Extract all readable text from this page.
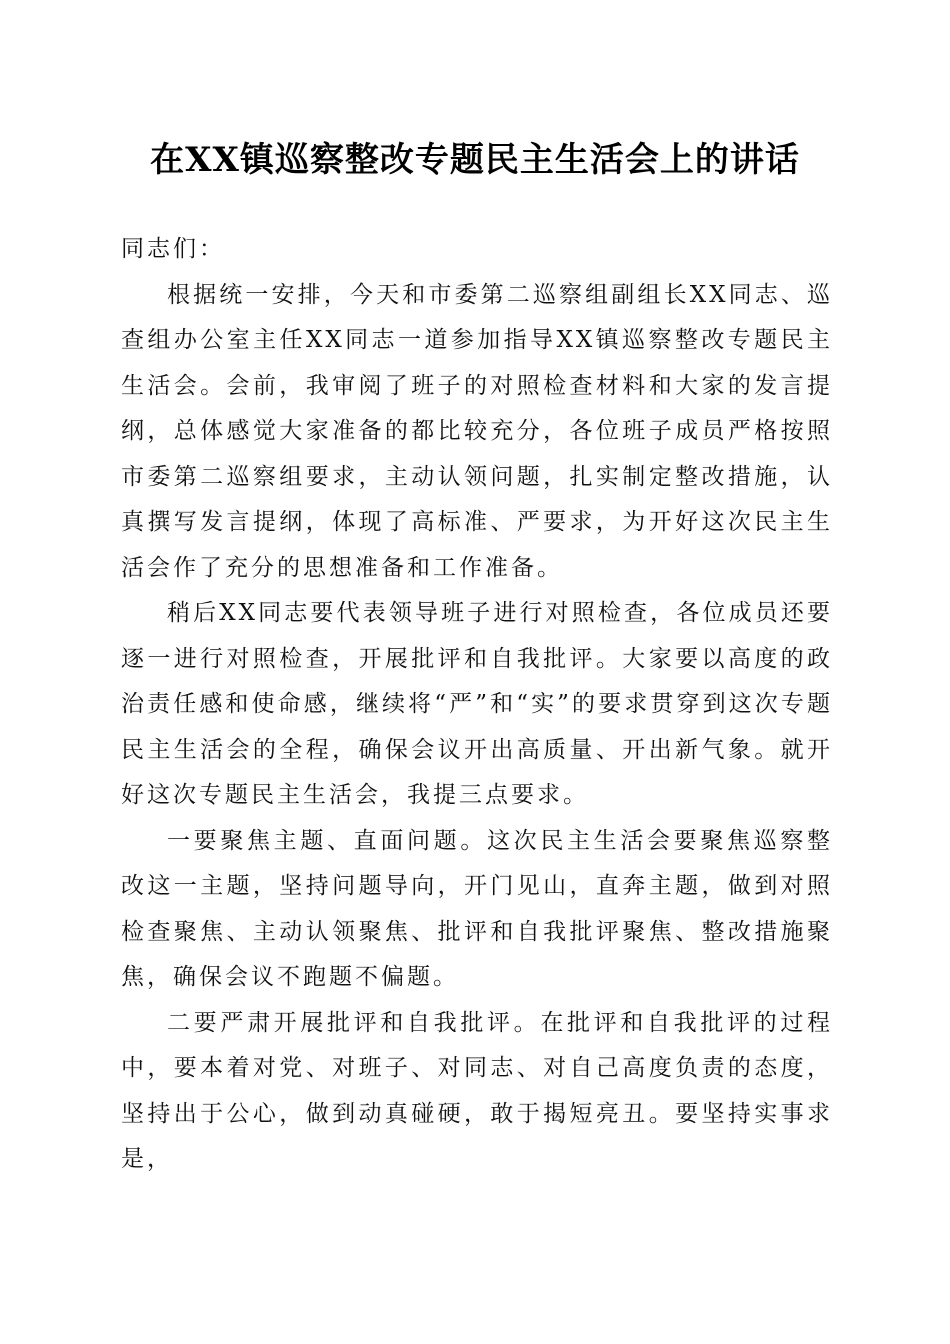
在XX镇巡察整改专题民主生活会上的讲话

同志们：

根据统一安排，今天和市委第二巡察组副组长XX同志、巡查组办公室主任XX同志一道参加指导XX镇巡察整改专题民主生活会。会前，我审阅了班子的对照检查材料和大家的发言提纲，总体感觉大家准备的都比较充分，各位班子成员严格按照市委第二巡察组要求，主动认领问题，扎实制定整改措施，认真撰写发言提纲，体现了高标准、严要求，为开好这次民主生活会作了充分的思想准备和工作准备。

稍后XX同志要代表领导班子进行对照检查，各位成员还要逐一进行对照检查，开展批评和自我批评。大家要以高度的政治责任感和使命感，继续将“严”和“实”的要求贯穿到这次专题民主生活会的全程，确保会议开出高质量、开出新气象。就开好这次专题民主生活会，我提三点要求。

一要聚焦主题、直面问题。这次民主生活会要聚焦巡察整改这一主题，坚持问题导向，开门见山，直奔主题，做到对照检查聚焦、主动认领聚焦、批评和自我批评聚焦、整改措施聚焦，确保会议不跑题不偏题。

二要严肃开展批评和自我批评。在批评和自我批评的过程中，要本着对党、对班子、对同志、对自己高度负责的态度，坚持出于公心，做到动真碰硬，敢于揭短亮丑。要坚持实事求是，
